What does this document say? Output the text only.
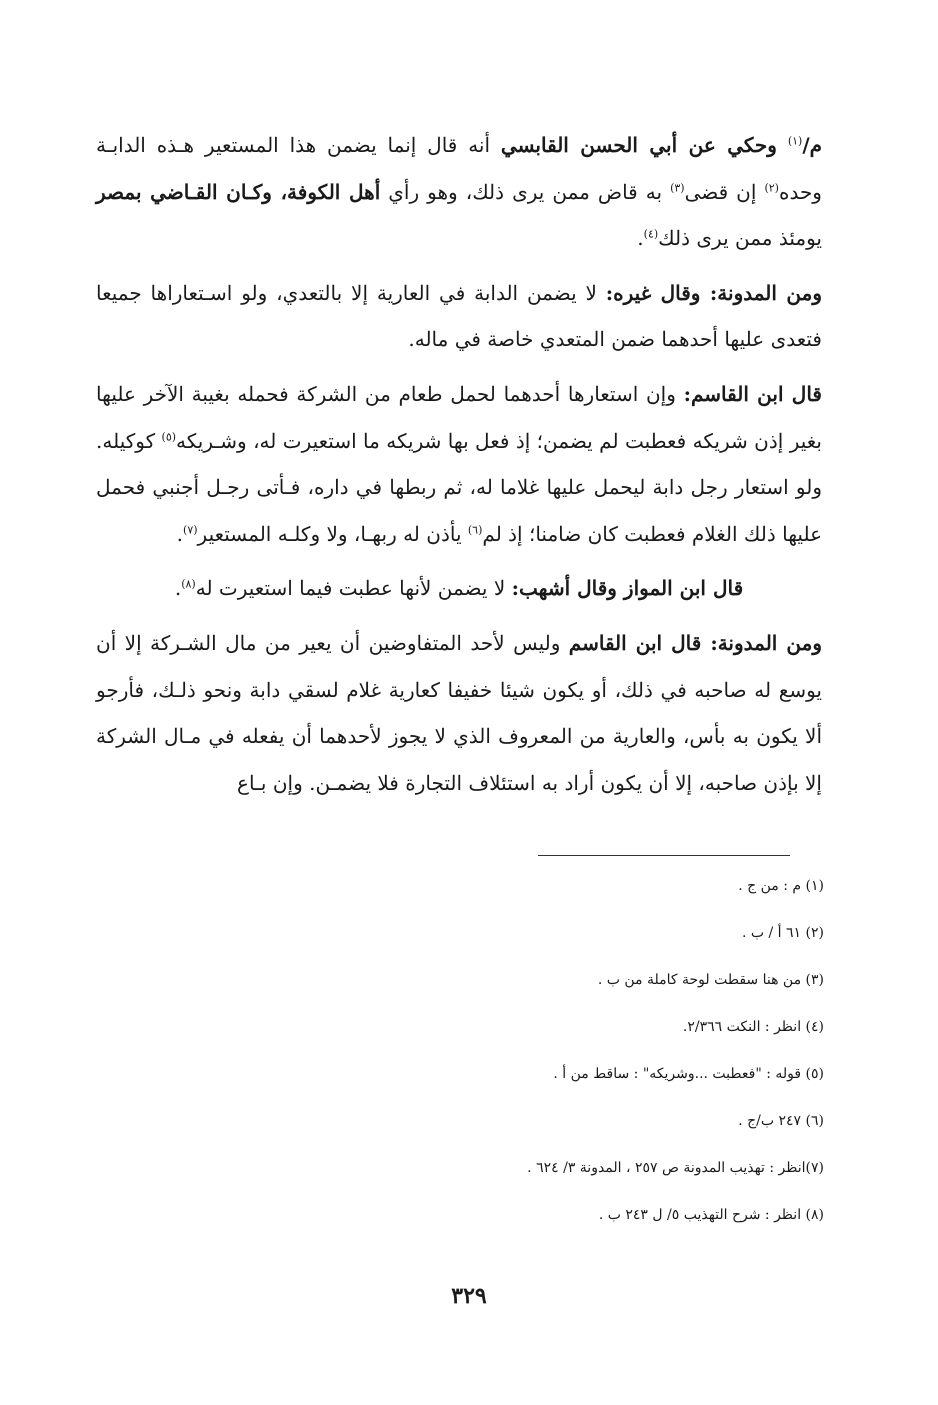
م/$^{(١)}$ وحكي عن أبي الحسن القابسي أنه قال إنما يضمن هذا المستعير هـذه الدابـة وحده$^{(٢)}$ إن قضى$^{(٣)}$ به قاض ممن يرى ذلك، وهو رأي أهل الكوفة، وكـان القـاضي بمصر يومئذ ممن يرى ذلك$^{(٤)}$.

ومن المدونة: وقال غيره: لا يضمن الدابة في العارية إلا بالتعدي، ولو اسـتعاراها جميعا فتعدى عليها أحدهما ضمن المتعدي خاصة في ماله.

قال ابن القاسم: وإن استعارها أحدهما لحمل طعام من الشركة فحمله بغيبة الآخر عليها بغير إذن شريكه فعطبت لم يضمن؛ إذ فعل بها شريكه ما استعيرت له، وشـريكه$^{(٥)}$ كوكيله. ولو استعار رجل دابة ليحمل عليها غلاما له، ثم ربطها في داره، فـأتى رجـل أجنبي فحمل عليها ذلك الغلام فعطبت كان ضامنا؛ إذ لم$^{(٦)}$ يأذن له ربهـا، ولا وكلـه المستعير$^{(٧)}$.

قال ابن المواز وقال أشهب: لا يضمن لأنها عطبت فيما استعيرت له$^{(٨)}$.

ومن المدونة: قال ابن القاسم وليس لأحد المتفاوضين أن يعير من مال الشـركة إلا أن يوسع له صاحبه في ذلك، أو يكون شيئا خفيفا كعارية غلام لسقي دابة ونحو ذلـك، فأرجو ألا يكون به بأس، والعارية من المعروف الذي لا يجوز لأحدهما أن يفعله في مـال الشركة إلا بإذن صاحبه، إلا أن يكون أراد به استئلاف التجارة فلا يضمـن. وإن بـاع

(١) م : من ج .
(٢) ٦١ أ / ب .
(٣) من هنا سقطت لوحة كاملة من ب .
(٤) انظر : النكت ٢/٣٦٦.
(٥) قوله : "فعطبت ...وشريكه" : ساقط من أ .
(٦) ٢٤٧ ب/ج .
(٧)انظر : تهذيب المدونة ص ٢٥٧ ، المدونة ٣/ ٦٢٤ .
(٨) انظر : شرح التهذيب ٥/ ل ٢٤٣ ب .
٣٢٩
